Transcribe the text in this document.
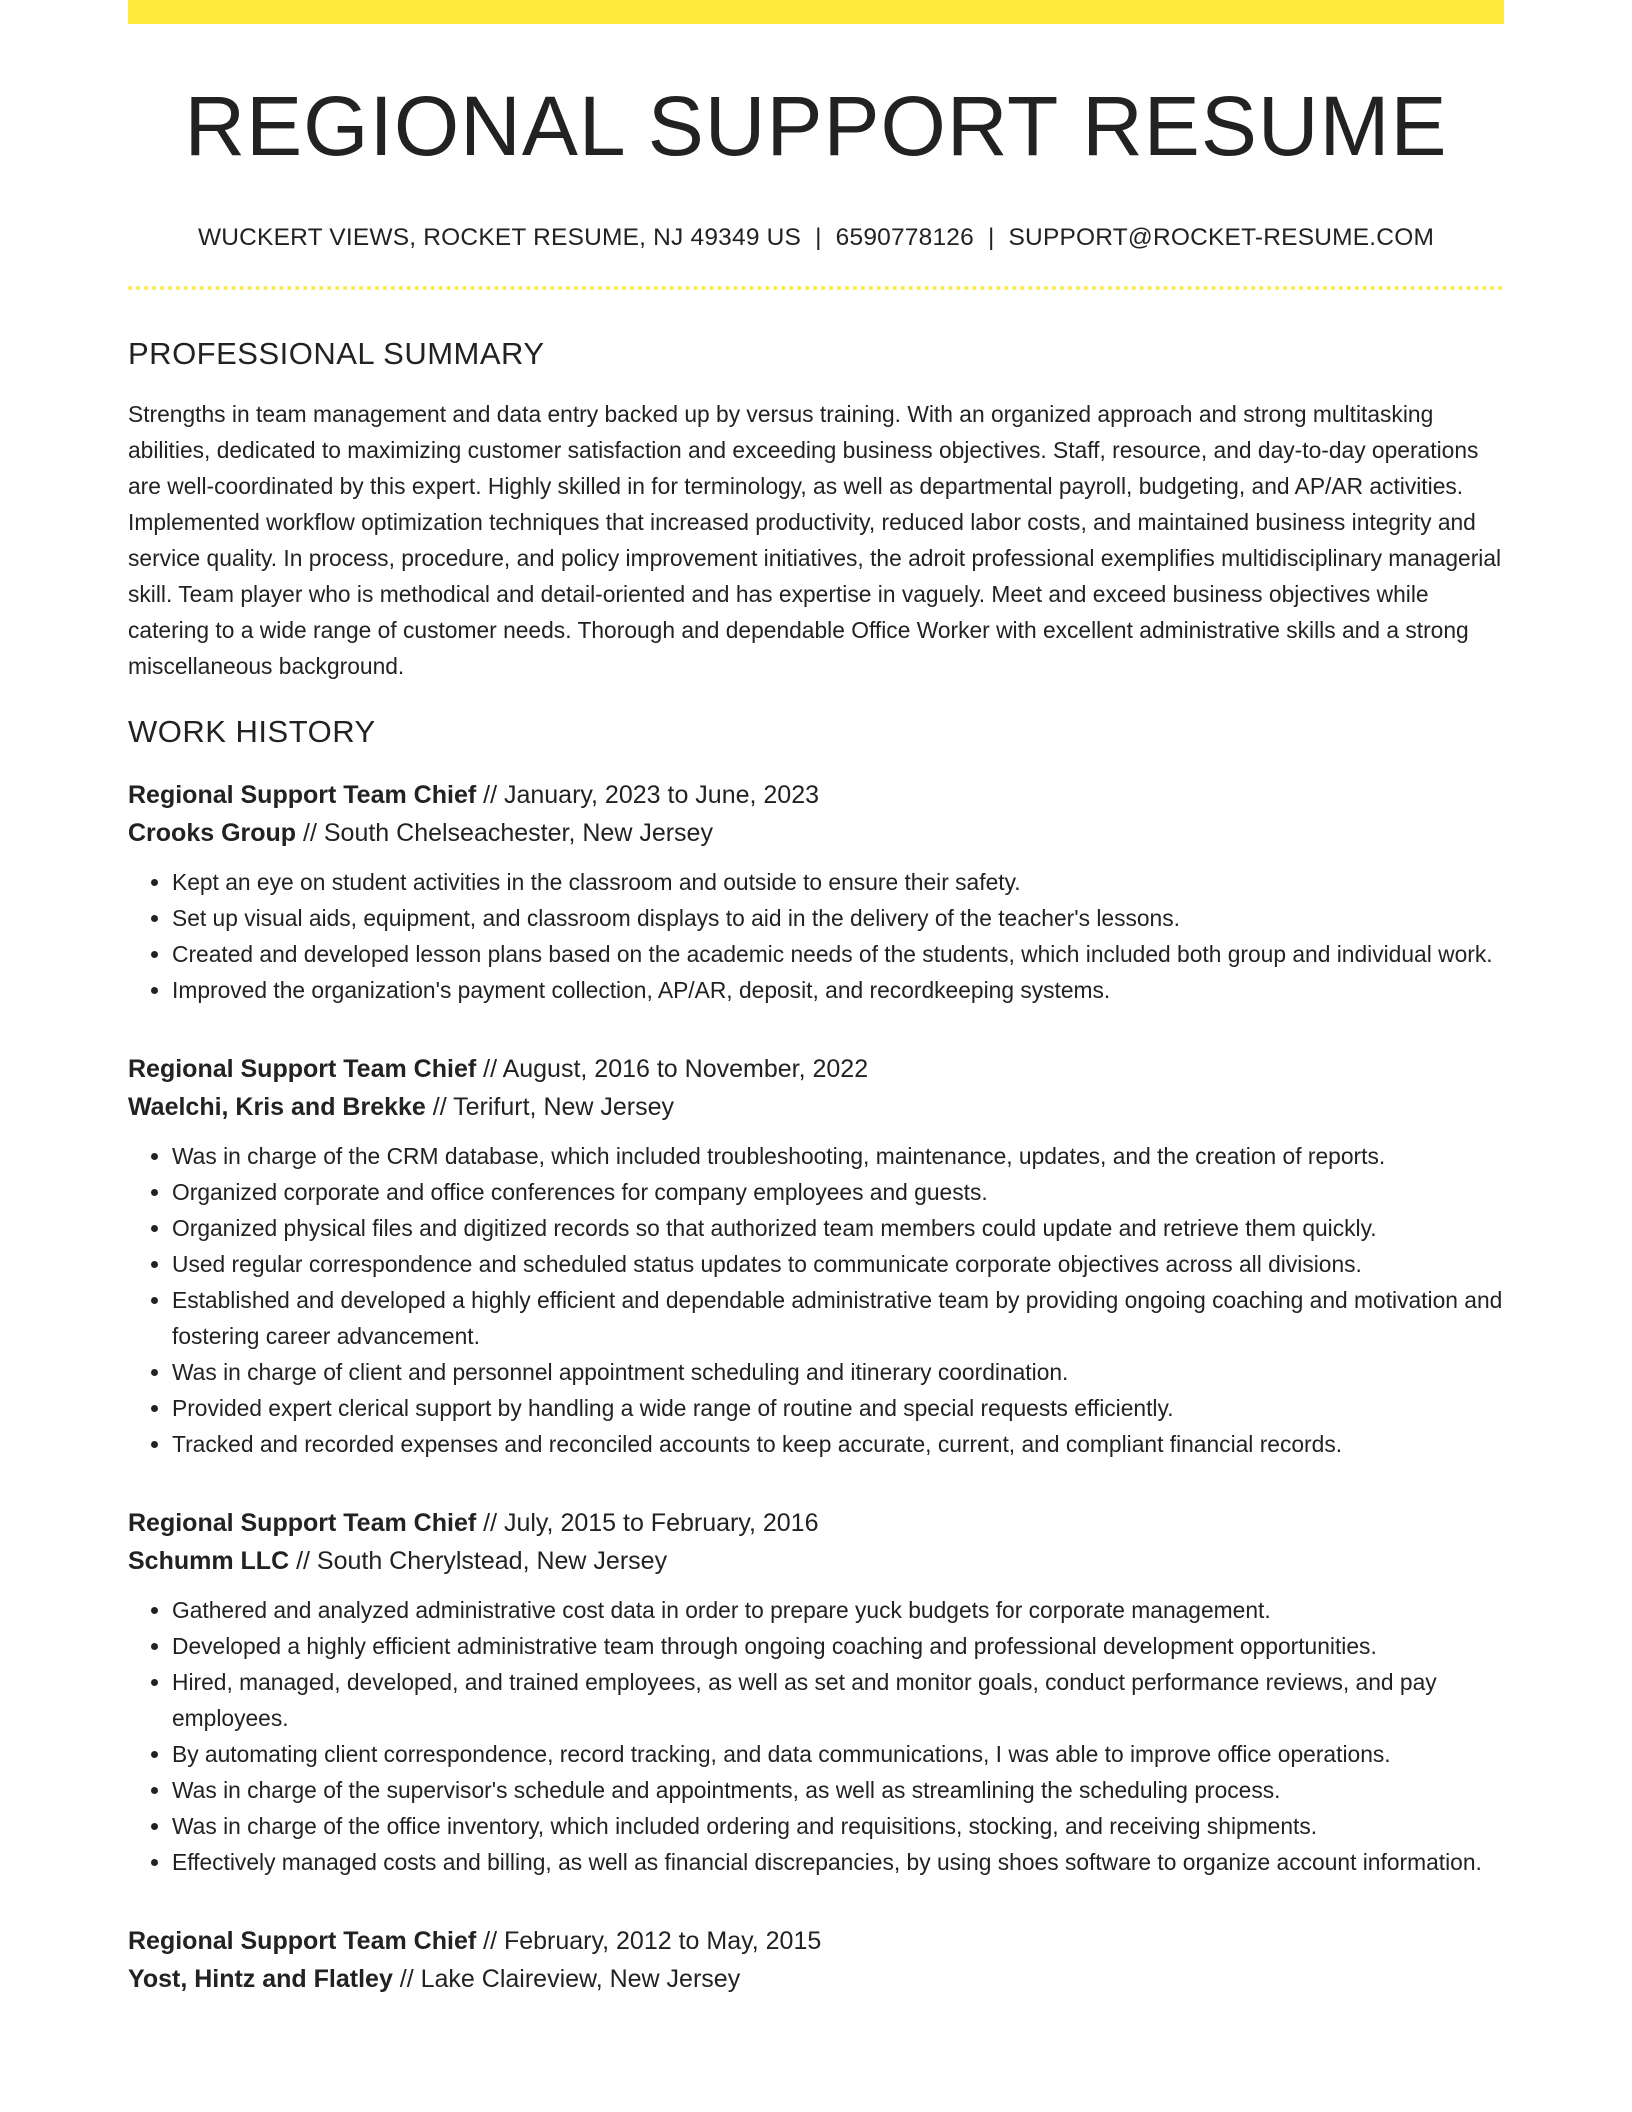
REGIONAL SUPPORT RESUME
WUCKERT VIEWS, ROCKET RESUME, NJ 49349 US | 6590778126 | SUPPORT@ROCKET-RESUME.COM
PROFESSIONAL SUMMARY

Strengths in team management and data entry backed up by versus training. With an organized approach and strong multitasking abilities, dedicated to maximizing customer satisfaction and exceeding business objectives. Staff, resource, and day-to-day operations are well-coordinated by this expert. Highly skilled in for terminology, as well as departmental payroll, budgeting, and AP/AR activities. Implemented workflow optimization techniques that increased productivity, reduced labor costs, and maintained business integrity and service quality. In process, procedure, and policy improvement initiatives, the adroit professional exemplifies multidisciplinary managerial skill. Team player who is methodical and detail-oriented and has expertise in vaguely. Meet and exceed business objectives while catering to a wide range of customer needs. Thorough and dependable Office Worker with excellent administrative skills and a strong miscellaneous background.

WORK HISTORY
Regional Support Team Chief // January, 2023 to June, 2023
Crooks Group // South Chelseachester, New Jersey
• Kept an eye on student activities in the classroom and outside to ensure their safety.
• Set up visual aids, equipment, and classroom displays to aid in the delivery of the teacher's lessons.
• Created and developed lesson plans based on the academic needs of the students, which included both group and individual work.
• Improved the organization's payment collection, AP/AR, deposit, and recordkeeping systems.
Regional Support Team Chief // August, 2016 to November, 2022
Waelchi, Kris and Brekke // Terifurt, New Jersey
• Was in charge of the CRM database, which included troubleshooting, maintenance, updates, and the creation of reports.
• Organized corporate and office conferences for company employees and guests.
• Organized physical files and digitized records so that authorized team members could update and retrieve them quickly.
• Used regular correspondence and scheduled status updates to communicate corporate objectives across all divisions.
• Established and developed a highly efficient and dependable administrative team by providing ongoing coaching and motivation and fostering career advancement.
• Was in charge of client and personnel appointment scheduling and itinerary coordination.
• Provided expert clerical support by handling a wide range of routine and special requests efficiently.
• Tracked and recorded expenses and reconciled accounts to keep accurate, current, and compliant financial records.
Regional Support Team Chief // July, 2015 to February, 2016
Schumm LLC // South Cherylstead, New Jersey
• Gathered and analyzed administrative cost data in order to prepare yuck budgets for corporate management.
• Developed a highly efficient administrative team through ongoing coaching and professional development opportunities.
• Hired, managed, developed, and trained employees, as well as set and monitor goals, conduct performance reviews, and pay employees.
• By automating client correspondence, record tracking, and data communications, I was able to improve office operations.
• Was in charge of the supervisor's schedule and appointments, as well as streamlining the scheduling process.
• Was in charge of the office inventory, which included ordering and requisitions, stocking, and receiving shipments.
• Effectively managed costs and billing, as well as financial discrepancies, by using shoes software to organize account information.
Regional Support Team Chief // February, 2012 to May, 2015
Yost, Hintz and Flatley // Lake Claireview, New Jersey
